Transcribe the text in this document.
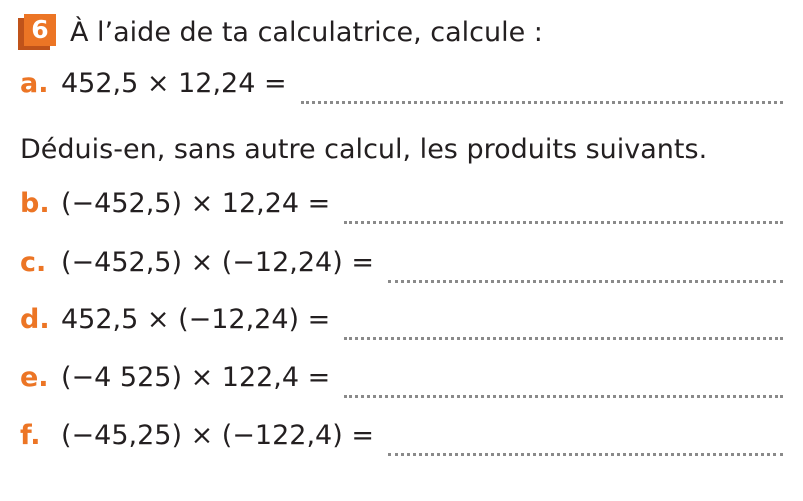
6 À l’aide de ta calculatrice, calcule :
a. 452,5 × 12,24 =
Déduis-en, sans autre calcul, les produits suivants.
b. (−452,5) × 12,24 =
c. (−452,5) × (−12,24) =
d. 452,5 × (−12,24) =
e. (−4 525) × 122,4 =
f. (−45,25) × (−122,4) =
